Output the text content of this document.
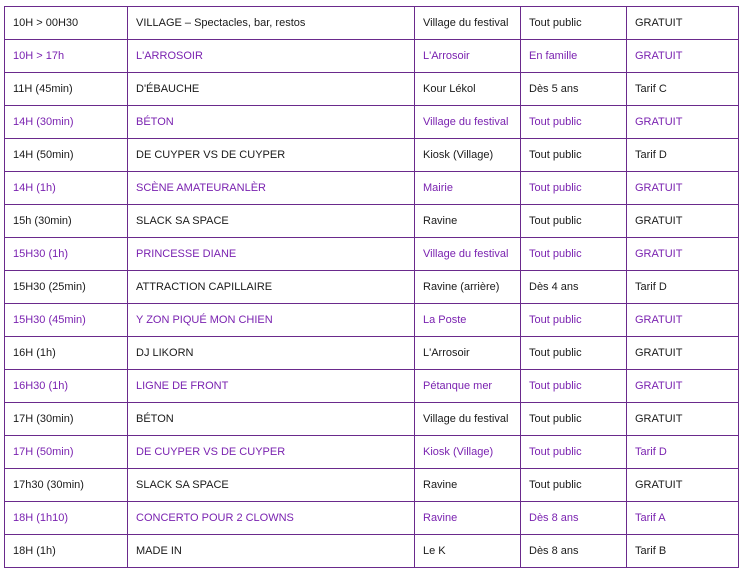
10H > 00H30	VILLAGE – Spectacles, bar, restos	Village du festival	Tout public	GRATUIT
10H > 17h	L'ARROSOIR	L'Arrosoir	En famille	GRATUIT
11H (45min)	D'ÉBAUCHE	Kour Lékol	Dès 5 ans	Tarif C
14H (30min)	BÉTON	Village du festival	Tout public	GRATUIT
14H (50min)	DE CUYPER VS DE CUYPER	Kiosk (Village)	Tout public	Tarif D
14H (1h)	SCÈNE AMATEURANLÈR	Mairie	Tout public	GRATUIT
15h (30min)	SLACK SA SPACE	Ravine	Tout public	GRATUIT
15H30 (1h)	PRINCESSE DIANE	Village du festival	Tout public	GRATUIT
15H30 (25min)	ATTRACTION CAPILLAIRE	Ravine (arrière)	Dès 4 ans	Tarif D
15H30 (45min)	Y ZON PIQUÉ MON CHIEN	La Poste	Tout public	GRATUIT
16H (1h)	DJ LIKORN	L'Arrosoir	Tout public	GRATUIT
16H30 (1h)	LIGNE DE FRONT	Pétanque mer	Tout public	GRATUIT
17H (30min)	BÉTON	Village du festival	Tout public	GRATUIT
17H (50min)	DE CUYPER VS DE CUYPER	Kiosk (Village)	Tout public	Tarif D
17h30 (30min)	SLACK SA SPACE	Ravine	Tout public	GRATUIT
18H (1h10)	CONCERTO POUR 2 CLOWNS	Ravine	Dès 8 ans	Tarif A
18H (1h)	MADE IN	Le K	Dès 8 ans	Tarif B
